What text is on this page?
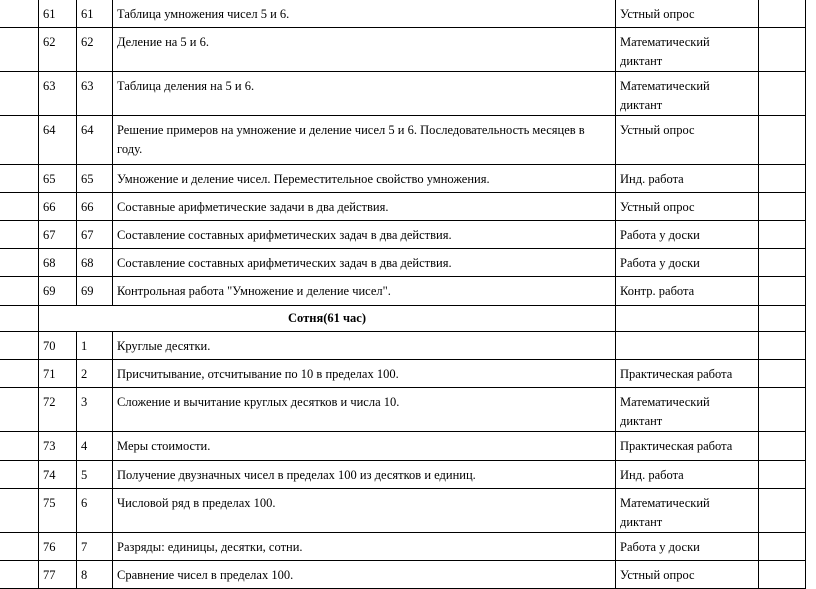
	61	61	Таблица умножения чисел 5 и 6.	Устный опрос	
	62	62	Деление на 5 и 6.	Математический диктант	
	63	63	Таблица деления на 5 и 6.	Математический диктант	
	64	64	Решение примеров на умножение и деление чисел 5 и 6. Последовательность месяцев в году.	Устный опрос	
	65	65	Умножение и деление чисел. Переместительное свойство умножения.	Инд. работа	
	66	66	Составные арифметические задачи в два действия.	Устный опрос	
	67	67	Составление составных арифметических задач в два действия.	Работа у доски	
	68	68	Составление составных арифметических задач в два действия.	Работа у доски	
	69	69	Контрольная работа "Умножение и деление чисел".	Контр. работа	
	Сотня(61 час)				
	70	1	Круглые десятки.		
	71	2	Присчитывание, отсчитывание по 10 в пределах 100.	Практическая работа	
	72	3	Сложение и вычитание круглых десятков и числа 10.	Математический диктант	
	73	4	Меры стоимости.	Практическая работа	
	74	5	Получение двузначных чисел в пределах 100 из десятков и единиц.	Инд. работа	
	75	6	Числовой ряд в пределах 100.	Математический диктант	
	76	7	Разряды: единицы, десятки, сотни.	Работа у доски	
	77	8	Сравнение чисел в пределах 100.	Устный опрос	
